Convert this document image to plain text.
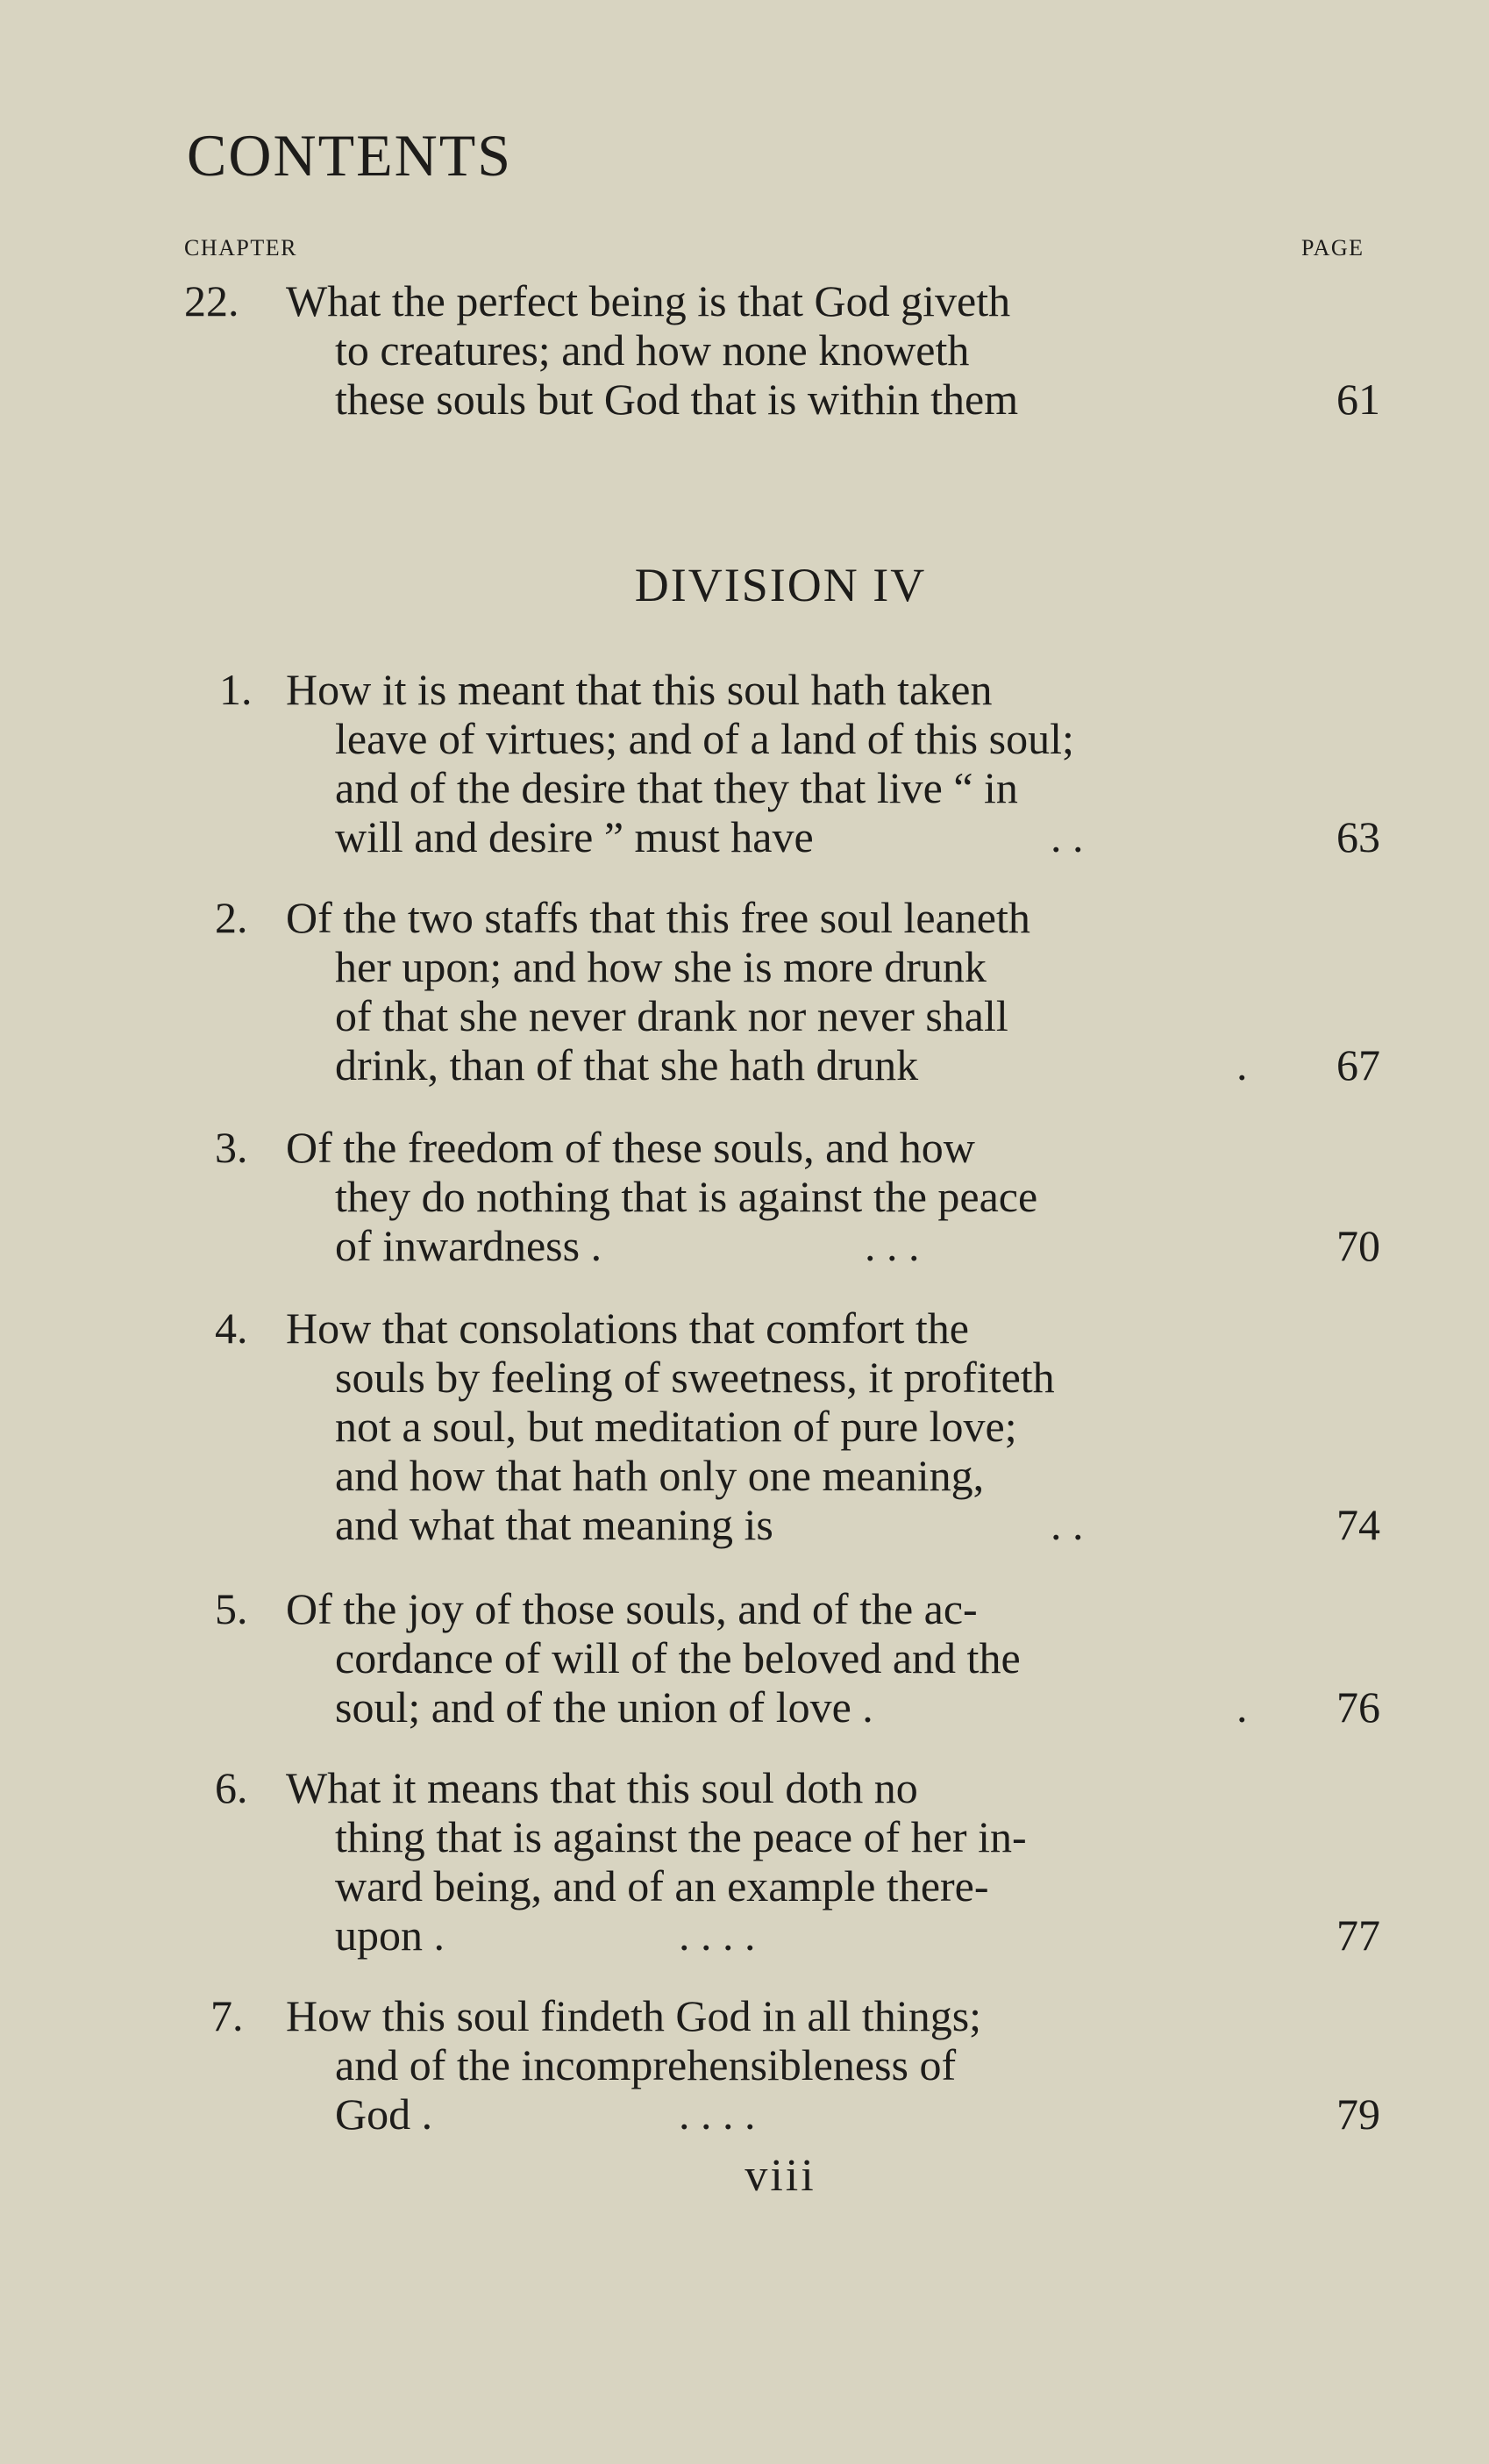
CONTENTS
CHAPTER	PAGE
22. What the perfect being is that God giveth
to creatures; and how none knoweth
these souls but God that is within them	61
DIVISION IV
1. How it is meant that this soul hath taken
leave of virtues; and of a land of this soul;
and of the desire that they that live “ in
will and desire ” must have	. .	63
2. Of the two staffs that this free soul leaneth
her upon; and how she is more drunk
of that she never drank nor never shall
drink, than of that she hath drunk	. 67
3. Of the freedom of these souls, and how
they do nothing that is against the peace
of inwardness .	. . .	70
4. How that consolations that comfort the
souls by feeling of sweetness, it profiteth
not a soul, but meditation of pure love;
and how that hath only one meaning,
and what that meaning is	. .	74
5. Of the joy of those souls, and of the ac-
cordance of will of the beloved and the
soul; and of the union of love .	. 76
6. What it means that this soul doth no
thing that is against the peace of her in-
ward being, and of an example there-
upon .	. . . .	77
7. How this soul findeth God in all things;
and of the incomprehensibleness of
God .	. . . .	79
viii
